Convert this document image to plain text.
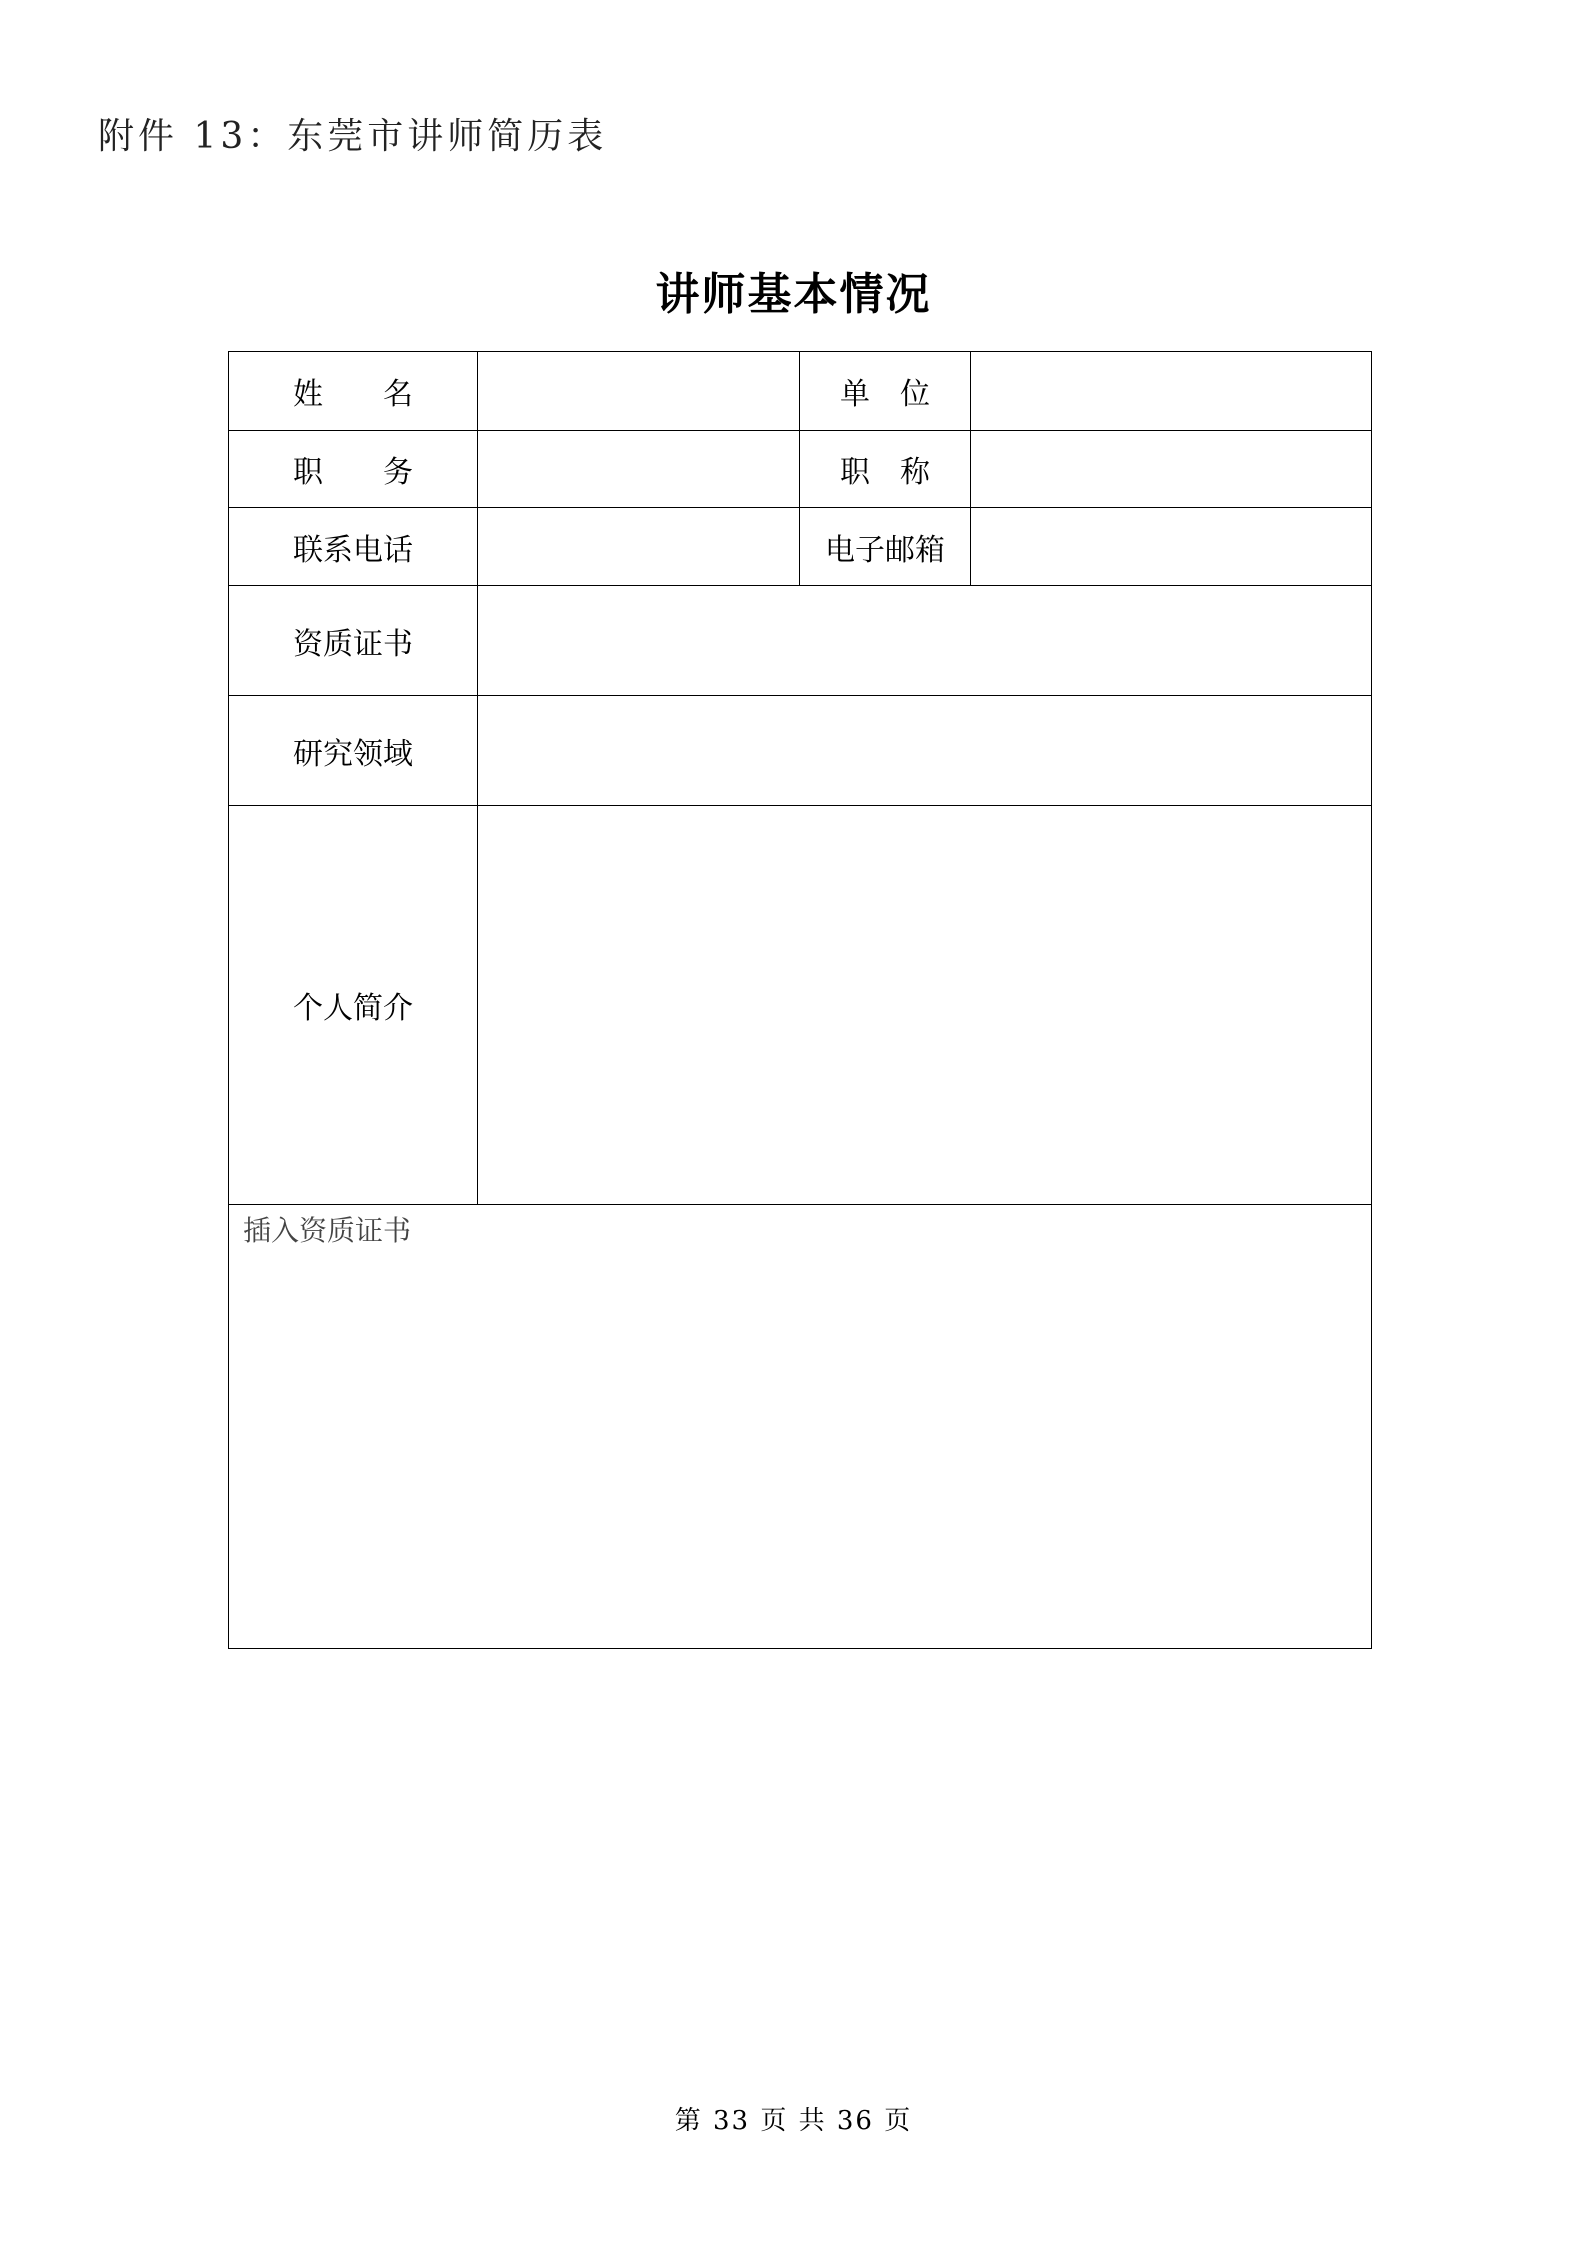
附件 13：东莞市讲师简历表
讲师基本情况
姓　　名		单　位	
职　　务		职　称	
联系电话		电子邮箱	
资质证书			
研究领域			
个人简介			

插入资质证书			
第 33 页 共 36 页
